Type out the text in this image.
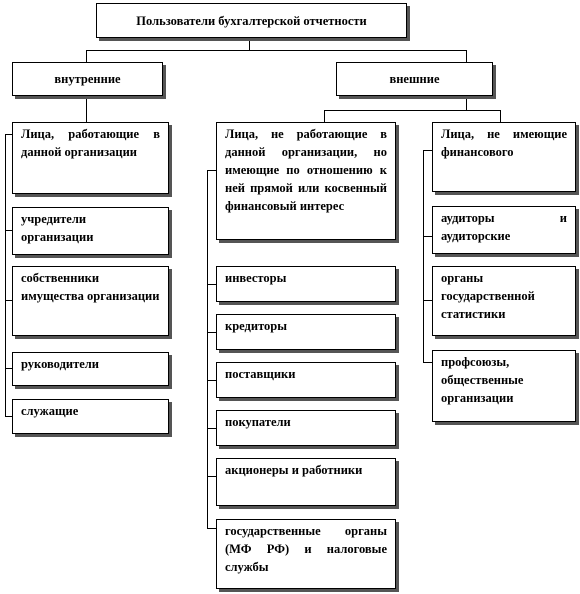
Пользователи бухгалтерской отчетности
внутренние	внешние
Лица, работающие в данной организации
учредители организации
собственники имущества организации
руководители
служащие
Лица, не работающие в данной организации, но имеющие по отношению к ней прямой или косвенный финансовый интерес
инвесторы
кредиторы
поставщики
покупатели
акционеры и работники
государственные органы (МФ РФ) и налоговые службы
Лица, не имеющие финансового
аудиторы и аудиторские
органы государственной статистики
профсоюзы, общественные организации
